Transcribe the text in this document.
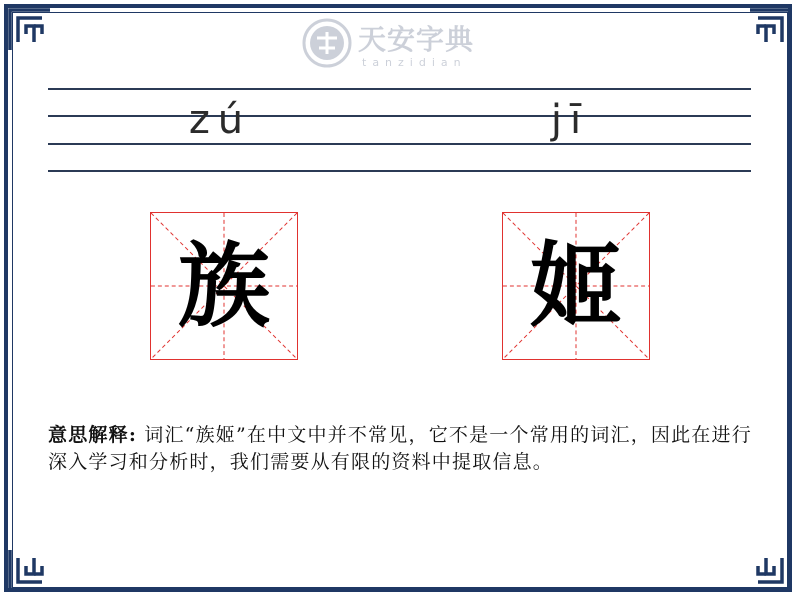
天安字典
tanzidian
zú	jī
族	姬
意思解释: 词汇“族姬”在中文中并不常见，它不是一个常用的词汇，因此在进行深入学习和分析时，我们需要从有限的资料中提取信息。
